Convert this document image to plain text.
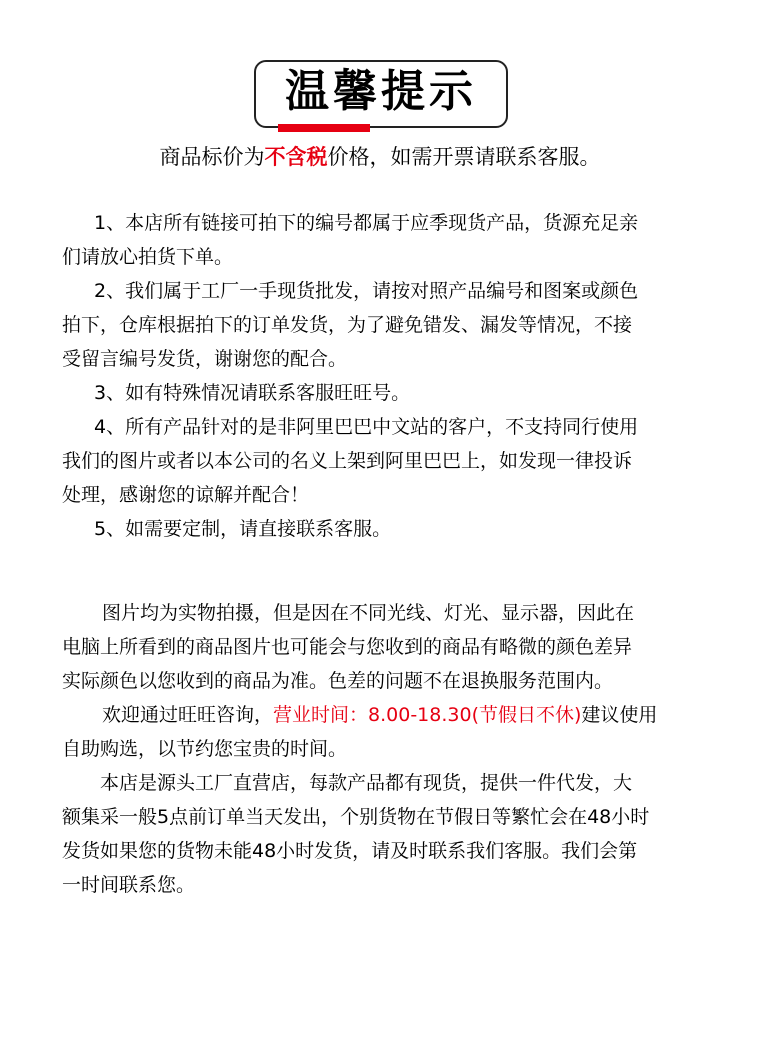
温馨提示
商品标价为不含税价格，如需开票请联系客服。

1、本店所有链接可拍下的编号都属于应季现货产品，货源充足亲

们请放心拍货下单。

2、我们属于工厂一手现货批发，请按对照产品编号和图案或颜色

拍下，仓库根据拍下的订单发货，为了避免错发、漏发等情况，不接

受留言编号发货，谢谢您的配合。

3、如有特殊情况请联系客服旺旺号。

4、所有产品针对的是非阿里巴巴中文站的客户，不支持同行使用

我们的图片或者以本公司的名义上架到阿里巴巴上，如发现一律投诉

处理，感谢您的谅解并配合！

5、如需要定制，请直接联系客服。

图片均为实物拍摄，但是因在不同光线、灯光、显示器，因此在

电脑上所看到的商品图片也可能会与您收到的商品有略微的颜色差异

实际颜色以您收到的商品为准。色差的问题不在退换服务范围内。

欢迎通过旺旺咨询，营业时间：8.00-18.30(节假日不休)建议使用

自助购选，以节约您宝贵的时间。

本店是源头工厂直营店，每款产品都有现货，提供一件代发，大

额集采一般5点前订单当天发出，个别货物在节假日等繁忙会在48小时

发货如果您的货物未能48小时发货，请及时联系我们客服。我们会第

一时间联系您。
